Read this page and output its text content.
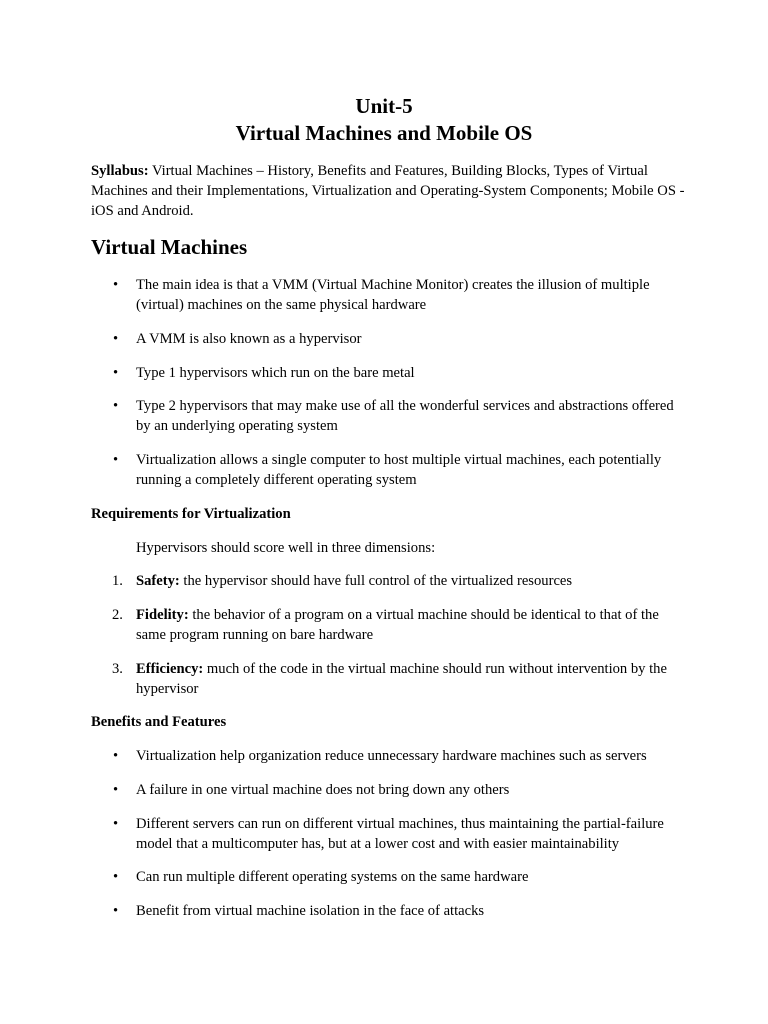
Unit-5
Virtual Machines and Mobile OS
Syllabus: Virtual Machines – History, Benefits and Features, Building Blocks, Types of Virtual Machines and their Implementations, Virtualization and Operating-System Components; Mobile OS - iOS and Android.
Virtual Machines
• The main idea is that a VMM (Virtual Machine Monitor) creates the illusion of multiple (virtual) machines on the same physical hardware
• A VMM is also known as a hypervisor
• Type 1 hypervisors which run on the bare metal
• Type 2 hypervisors that may make use of all the wonderful services and abstractions offered by an underlying operating system
• Virtualization allows a single computer to host multiple virtual machines, each potentially running a completely different operating system
Requirements for Virtualization
Hypervisors should score well in three dimensions:
1. Safety: the hypervisor should have full control of the virtualized resources
2. Fidelity: the behavior of a program on a virtual machine should be identical to that of the same program running on bare hardware
3. Efficiency: much of the code in the virtual machine should run without intervention by the hypervisor
Benefits and Features
• Virtualization help organization reduce unnecessary hardware machines such as servers
• A failure in one virtual machine does not bring down any others
• Different servers can run on different virtual machines, thus maintaining the partial-failure model that a multicomputer has, but at a lower cost and with easier maintainability
• Can run multiple different operating systems on the same hardware
• Benefit from virtual machine isolation in the face of attacks
